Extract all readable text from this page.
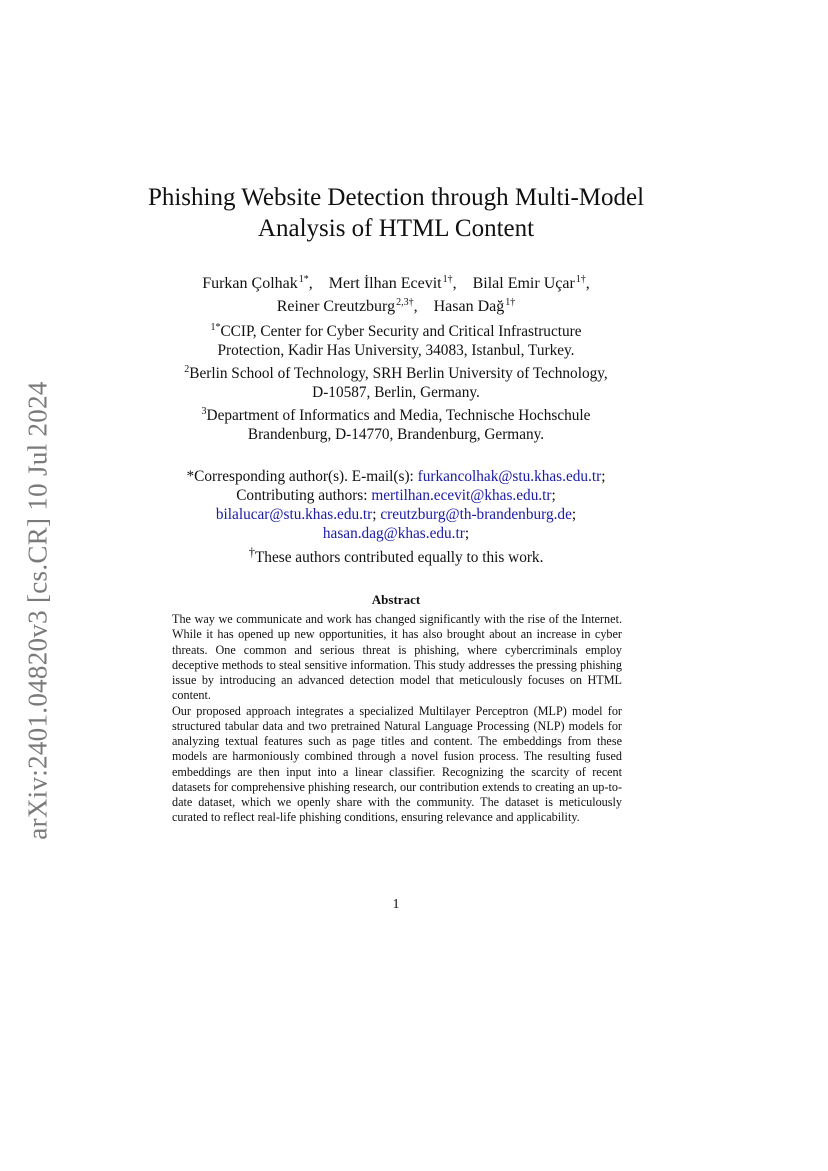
arXiv:2401.04820v3 [cs.CR] 10 Jul 2024
Phishing Website Detection through Multi-Model
Analysis of HTML Content
Furkan Çolhak$^{1*}$, Mert İlhan Ecevit$^{1\dagger}$, Bilal Emir Uçar$^{1\dagger}$,
Reiner Creutzburg$^{2,3\dagger}$, Hasan Dağ$^{1\dagger}$
$^{1*}$CCIP, Center for Cyber Security and Critical Infrastructure
Protection, Kadir Has University, 34083, Istanbul, Turkey.
$^2$Berlin School of Technology, SRH Berlin University of Technology,
D-10587, Berlin, Germany.
$^3$Department of Informatics and Media, Technische Hochschule
Brandenburg, D-14770, Brandenburg, Germany.
*Corresponding author(s). E-mail(s): furkancolhak@stu.khas.edu.tr;
Contributing authors: mertilhan.ecevit@khas.edu.tr;
bilalucar@stu.khas.edu.tr; creutzburg@th-brandenburg.de;
hasan.dag@khas.edu.tr;
†These authors contributed equally to this work.
Abstract

The way we communicate and work has changed significantly with the rise of the Internet. While it has opened up new opportunities, it has also brought about an increase in cyber threats. One common and serious threat is phishing, where cybercriminals employ deceptive methods to steal sensitive information. This study addresses the pressing phishing issue by introducing an advanced detection model that meticulously focuses on HTML content.

Our proposed approach integrates a specialized Multilayer Perceptron (MLP) model for structured tabular data and two pretrained Natural Language Processing (NLP) models for analyzing textual features such as page titles and content. The embeddings from these models are harmoniously combined through a novel fusion process. The resulting fused embeddings are then input into a linear classifier. Recognizing the scarcity of recent datasets for comprehensive phishing research, our contribution extends to creating an up-to-date dataset, which we openly share with the community. The dataset is meticulously curated to reflect real-life phishing conditions, ensuring relevance and applicability.

1
